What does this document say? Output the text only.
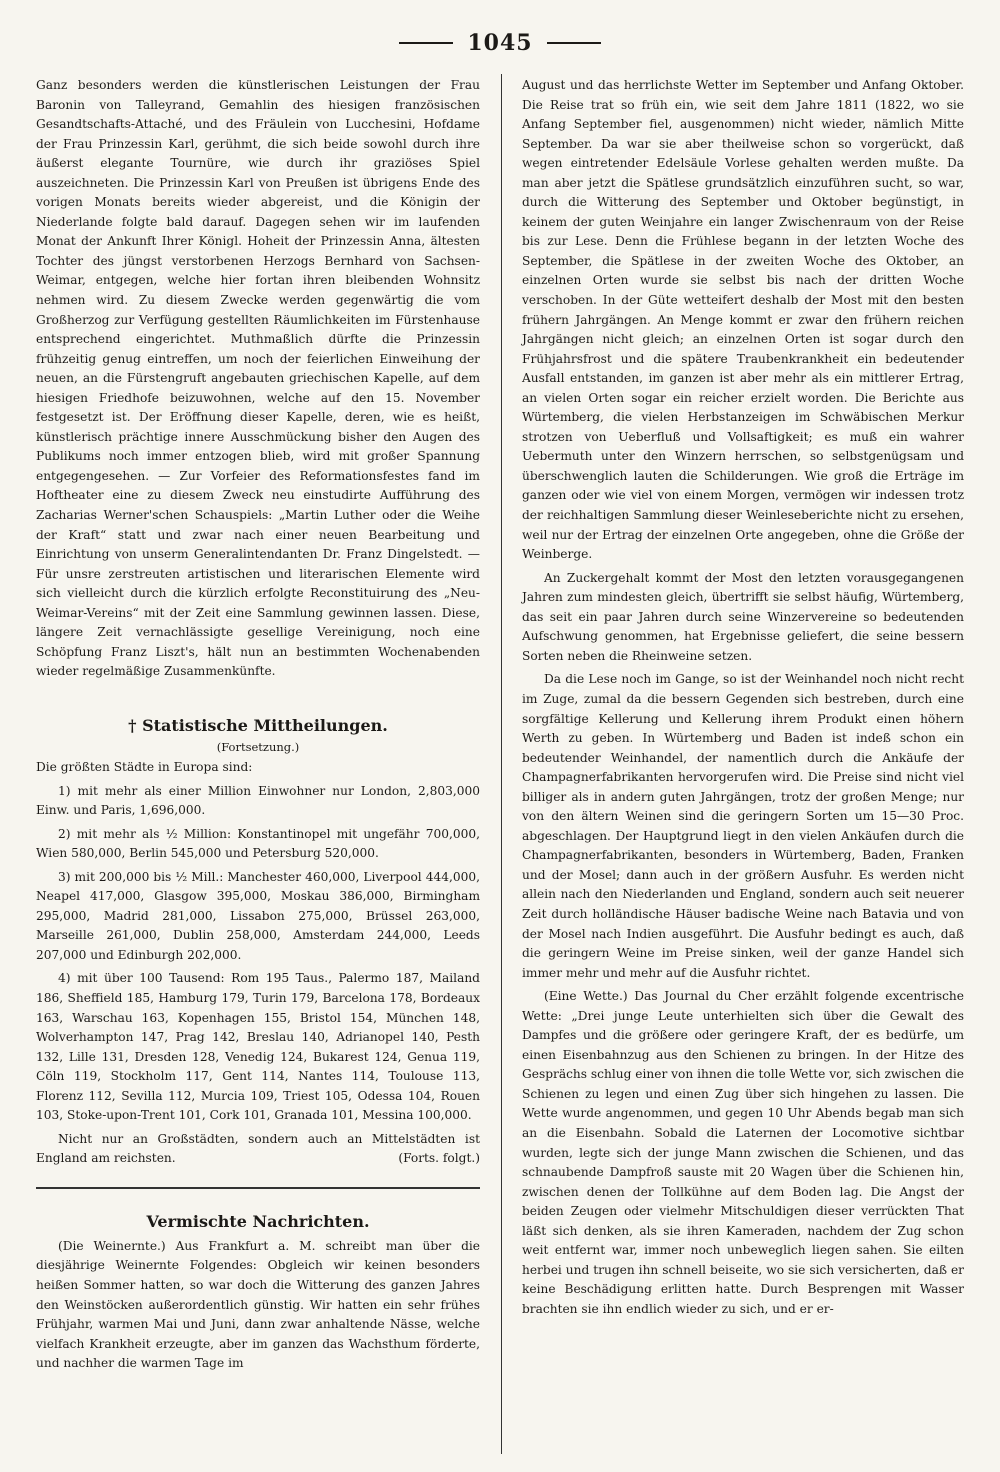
1045

Ganz besonders werden die künstlerischen Leistungen der Frau Baronin von Talleyrand, Gemahlin des hiesigen französischen Gesandtschafts-Attaché, und des Fräulein von Lucchesini, Hofdame der Frau Prinzessin Karl, gerühmt, die sich beide sowohl durch ihre äußerst elegante Tournüre, wie durch ihr graziöses Spiel auszeichneten. Die Prinzessin Karl von Preußen ist übrigens Ende des vorigen Monats bereits wieder abgereist, und die Königin der Niederlande folgte bald darauf. Dagegen sehen wir im laufenden Monat der Ankunft Ihrer Königl. Hoheit der Prinzessin Anna, ältesten Tochter des jüngst verstorbenen Herzogs Bernhard von Sachsen-Weimar, entgegen, welche hier fortan ihren bleibenden Wohnsitz nehmen wird. Zu diesem Zwecke werden gegenwärtig die vom Großherzog zur Verfügung gestellten Räumlichkeiten im Fürstenhause entsprechend eingerichtet. Muthmaßlich dürfte die Prinzessin frühzeitig genug eintreffen, um noch der feierlichen Einweihung der neuen, an die Fürstengruft angebauten griechischen Kapelle, auf dem hiesigen Friedhofe beizuwohnen, welche auf den 15. November festgesetzt ist. Der Eröffnung dieser Kapelle, deren, wie es heißt, künstlerisch prächtige innere Ausschmückung bisher den Augen des Publikums noch immer entzogen blieb, wird mit großer Spannung entgegengesehen. — Zur Vorfeier des Reformationsfestes fand im Hoftheater eine zu diesem Zweck neu einstudirte Aufführung des Zacharias Werner'schen Schauspiels: „Martin Luther oder die Weihe der Kraft“ statt und zwar nach einer neuen Bearbeitung und Einrichtung von unserm Generalintendanten Dr. Franz Dingelstedt. — Für unsre zerstreuten artistischen und literarischen Elemente wird sich vielleicht durch die kürzlich erfolgte Reconstituirung des „Neu-Weimar-Vereins“ mit der Zeit eine Sammlung gewinnen lassen. Diese, längere Zeit vernachlässigte gesellige Vereinigung, noch eine Schöpfung Franz Liszt's, hält nun an bestimmten Wochenabenden wieder regelmäßige Zusammenkünfte.

† Statistische Mittheilungen.
(Fortsetzung.)

Die größten Städte in Europa sind:

1) mit mehr als einer Million Einwohner nur London, 2,803,000 Einw. und Paris, 1,696,000.

2) mit mehr als ½ Million: Konstantinopel mit ungefähr 700,000, Wien 580,000, Berlin 545,000 und Petersburg 520,000.

3) mit 200,000 bis ½ Mill.: Manchester 460,000, Liverpool 444,000, Neapel 417,000, Glasgow 395,000, Moskau 386,000, Birmingham 295,000, Madrid 281,000, Lissabon 275,000, Brüssel 263,000, Marseille 261,000, Dublin 258,000, Amsterdam 244,000, Leeds 207,000 und Edinburgh 202,000.

4) mit über 100 Tausend: Rom 195 Taus., Palermo 187, Mailand 186, Sheffield 185, Hamburg 179, Turin 179, Barcelona 178, Bordeaux 163, Warschau 163, Kopenhagen 155, Bristol 154, München 148, Wolverhampton 147, Prag 142, Breslau 140, Adrianopel 140, Pesth 132, Lille 131, Dresden 128, Venedig 124, Bukarest 124, Genua 119, Cöln 119, Stockholm 117, Gent 114, Nantes 114, Toulouse 113, Florenz 112, Sevilla 112, Murcia 109, Triest 105, Odessa 104, Rouen 103, Stoke-upon-Trent 101, Cork 101, Granada 101, Messina 100,000.

Nicht nur an Großstädten, sondern auch an Mittelstädten ist England am reichsten.	(Forts. folgt.)

Vermischte Nachrichten.

(Die Weinernte.) Aus Frankfurt a. M. schreibt man über die diesjährige Weinernte Folgendes: Obgleich wir keinen besonders heißen Sommer hatten, so war doch die Witterung des ganzen Jahres den Weinstöcken außerordentlich günstig. Wir hatten ein sehr frühes Frühjahr, warmen Mai und Juni, dann zwar anhaltende Nässe, welche vielfach Krankheit erzeugte, aber im ganzen das Wachsthum förderte, und nachher die warmen Tage im

August und das herrlichste Wetter im September und Anfang Oktober. Die Reise trat so früh ein, wie seit dem Jahre 1811 (1822, wo sie Anfang September fiel, ausgenommen) nicht wieder, nämlich Mitte September. Da war sie aber theilweise schon so vorgerückt, daß wegen eintretender Edelsäule Vorlese gehalten werden mußte. Da man aber jetzt die Spätlese grundsätzlich einzuführen sucht, so war, durch die Witterung des September und Oktober begünstigt, in keinem der guten Weinjahre ein langer Zwischenraum von der Reise bis zur Lese. Denn die Frühlese begann in der letzten Woche des September, die Spätlese in der zweiten Woche des Oktober, an einzelnen Orten wurde sie selbst bis nach der dritten Woche verschoben. In der Güte wetteifert deshalb der Most mit den besten frühern Jahrgängen. An Menge kommt er zwar den frühern reichen Jahrgängen nicht gleich; an einzelnen Orten ist sogar durch den Frühjahrsfrost und die spätere Traubenkrankheit ein bedeutender Ausfall entstanden, im ganzen ist aber mehr als ein mittlerer Ertrag, an vielen Orten sogar ein reicher erzielt worden. Die Berichte aus Würtemberg, die vielen Herbstanzeigen im Schwäbischen Merkur strotzen von Ueberfluß und Vollsaftigkeit; es muß ein wahrer Uebermuth unter den Winzern herrschen, so selbstgenügsam und überschwenglich lauten die Schilderungen. Wie groß die Erträge im ganzen oder wie viel von einem Morgen, vermögen wir indessen trotz der reichhaltigen Sammlung dieser Weinleseberichte nicht zu ersehen, weil nur der Ertrag der einzelnen Orte angegeben, ohne die Größe der Weinberge.

An Zuckergehalt kommt der Most den letzten vorausgegangenen Jahren zum mindesten gleich, übertrifft sie selbst häufig, Würtemberg, das seit ein paar Jahren durch seine Winzervereine so bedeutenden Aufschwung genommen, hat Ergebnisse geliefert, die seine bessern Sorten neben die Rheinweine setzen.

Da die Lese noch im Gange, so ist der Weinhandel noch nicht recht im Zuge, zumal da die bessern Gegenden sich bestreben, durch eine sorgfältige Kellerung und Kellerung ihrem Produkt einen höhern Werth zu geben. In Würtemberg und Baden ist indeß schon ein bedeutender Weinhandel, der namentlich durch die Ankäufe der Champagnerfabrikanten hervorgerufen wird. Die Preise sind nicht viel billiger als in andern guten Jahrgängen, trotz der großen Menge; nur von den ältern Weinen sind die geringern Sorten um 15—30 Proc. abgeschlagen. Der Hauptgrund liegt in den vielen Ankäufen durch die Champagnerfabrikanten, besonders in Würtemberg, Baden, Franken und der Mosel; dann auch in der größern Ausfuhr. Es werden nicht allein nach den Niederlanden und England, sondern auch seit neuerer Zeit durch holländische Häuser badische Weine nach Batavia und von der Mosel nach Indien ausgeführt. Die Ausfuhr bedingt es auch, daß die geringern Weine im Preise sinken, weil der ganze Handel sich immer mehr und mehr auf die Ausfuhr richtet.

(Eine Wette.) Das Journal du Cher erzählt folgende excentrische Wette: „Drei junge Leute unterhielten sich über die Gewalt des Dampfes und die größere oder geringere Kraft, der es bedürfe, um einen Eisenbahnzug aus den Schienen zu bringen. In der Hitze des Gesprächs schlug einer von ihnen die tolle Wette vor, sich zwischen die Schienen zu legen und einen Zug über sich hingehen zu lassen. Die Wette wurde angenommen, und gegen 10 Uhr Abends begab man sich an die Eisenbahn. Sobald die Laternen der Locomotive sichtbar wurden, legte sich der junge Mann zwischen die Schienen, und das schnaubende Dampfroß sauste mit 20 Wagen über die Schienen hin, zwischen denen der Tollkühne auf dem Boden lag. Die Angst der beiden Zeugen oder vielmehr Mitschuldigen dieser verrückten That läßt sich denken, als sie ihren Kameraden, nachdem der Zug schon weit entfernt war, immer noch unbeweglich liegen sahen. Sie eilten herbei und trugen ihn schnell beiseite, wo sie sich versicherten, daß er keine Beschädigung erlitten hatte. Durch Besprengen mit Wasser brachten sie ihn endlich wieder zu sich, und er er-
